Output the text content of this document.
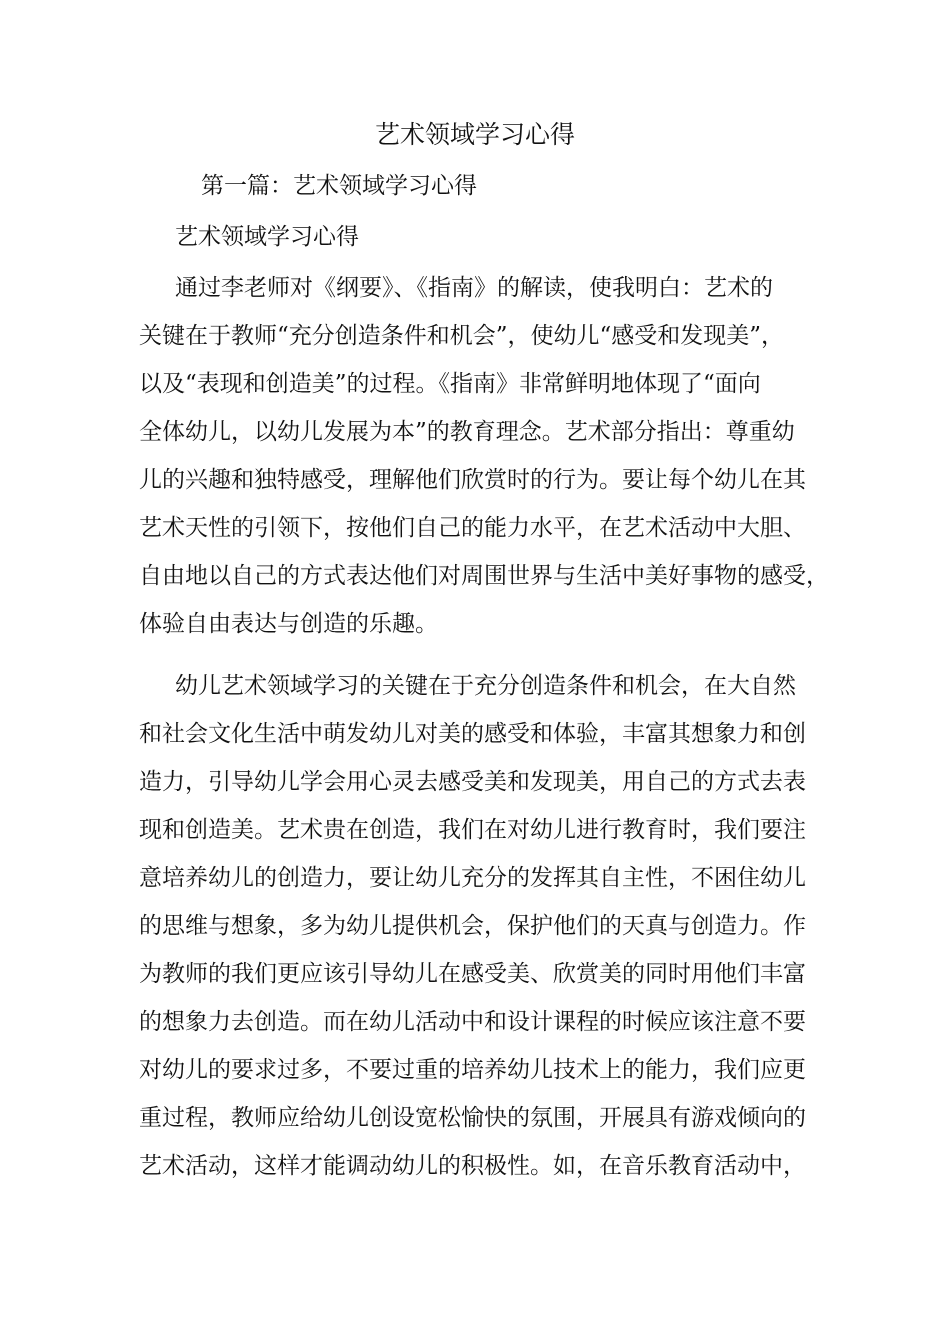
艺术领域学习心得
第一篇：艺术领域学习心得
艺术领域学习心得
通过李老师对《纲要》、《指南》的解读，使我明白：艺术的
关键在于教师“充分创造条件和机会”，使幼儿“感受和发现美”，
以及“表现和创造美”的过程。《指南》非常鲜明地体现了“面向
全体幼儿，以幼儿发展为本”的教育理念。艺术部分指出：尊重幼
儿的兴趣和独特感受，理解他们欣赏时的行为。要让每个幼儿在其
艺术天性的引领下，按他们自己的能力水平，在艺术活动中大胆、
自由地以自己的方式表达他们对周围世界与生活中美好事物的感受，
体验自由表达与创造的乐趣。
幼儿艺术领域学习的关键在于充分创造条件和机会，在大自然
和社会文化生活中萌发幼儿对美的感受和体验，丰富其想象力和创
造力，引导幼儿学会用心灵去感受美和发现美，用自己的方式去表
现和创造美。艺术贵在创造，我们在对幼儿进行教育时，我们要注
意培养幼儿的创造力，要让幼儿充分的发挥其自主性，不困住幼儿
的思维与想象，多为幼儿提供机会，保护他们的天真与创造力。作
为教师的我们更应该引导幼儿在感受美、欣赏美的同时用他们丰富
的想象力去创造。而在幼儿活动中和设计课程的时候应该注意不要
对幼儿的要求过多，不要过重的培养幼儿技术上的能力，我们应更
重过程，教师应给幼儿创设宽松愉快的氛围，开展具有游戏倾向的
艺术活动，这样才能调动幼儿的积极性。如，在音乐教育活动中，
